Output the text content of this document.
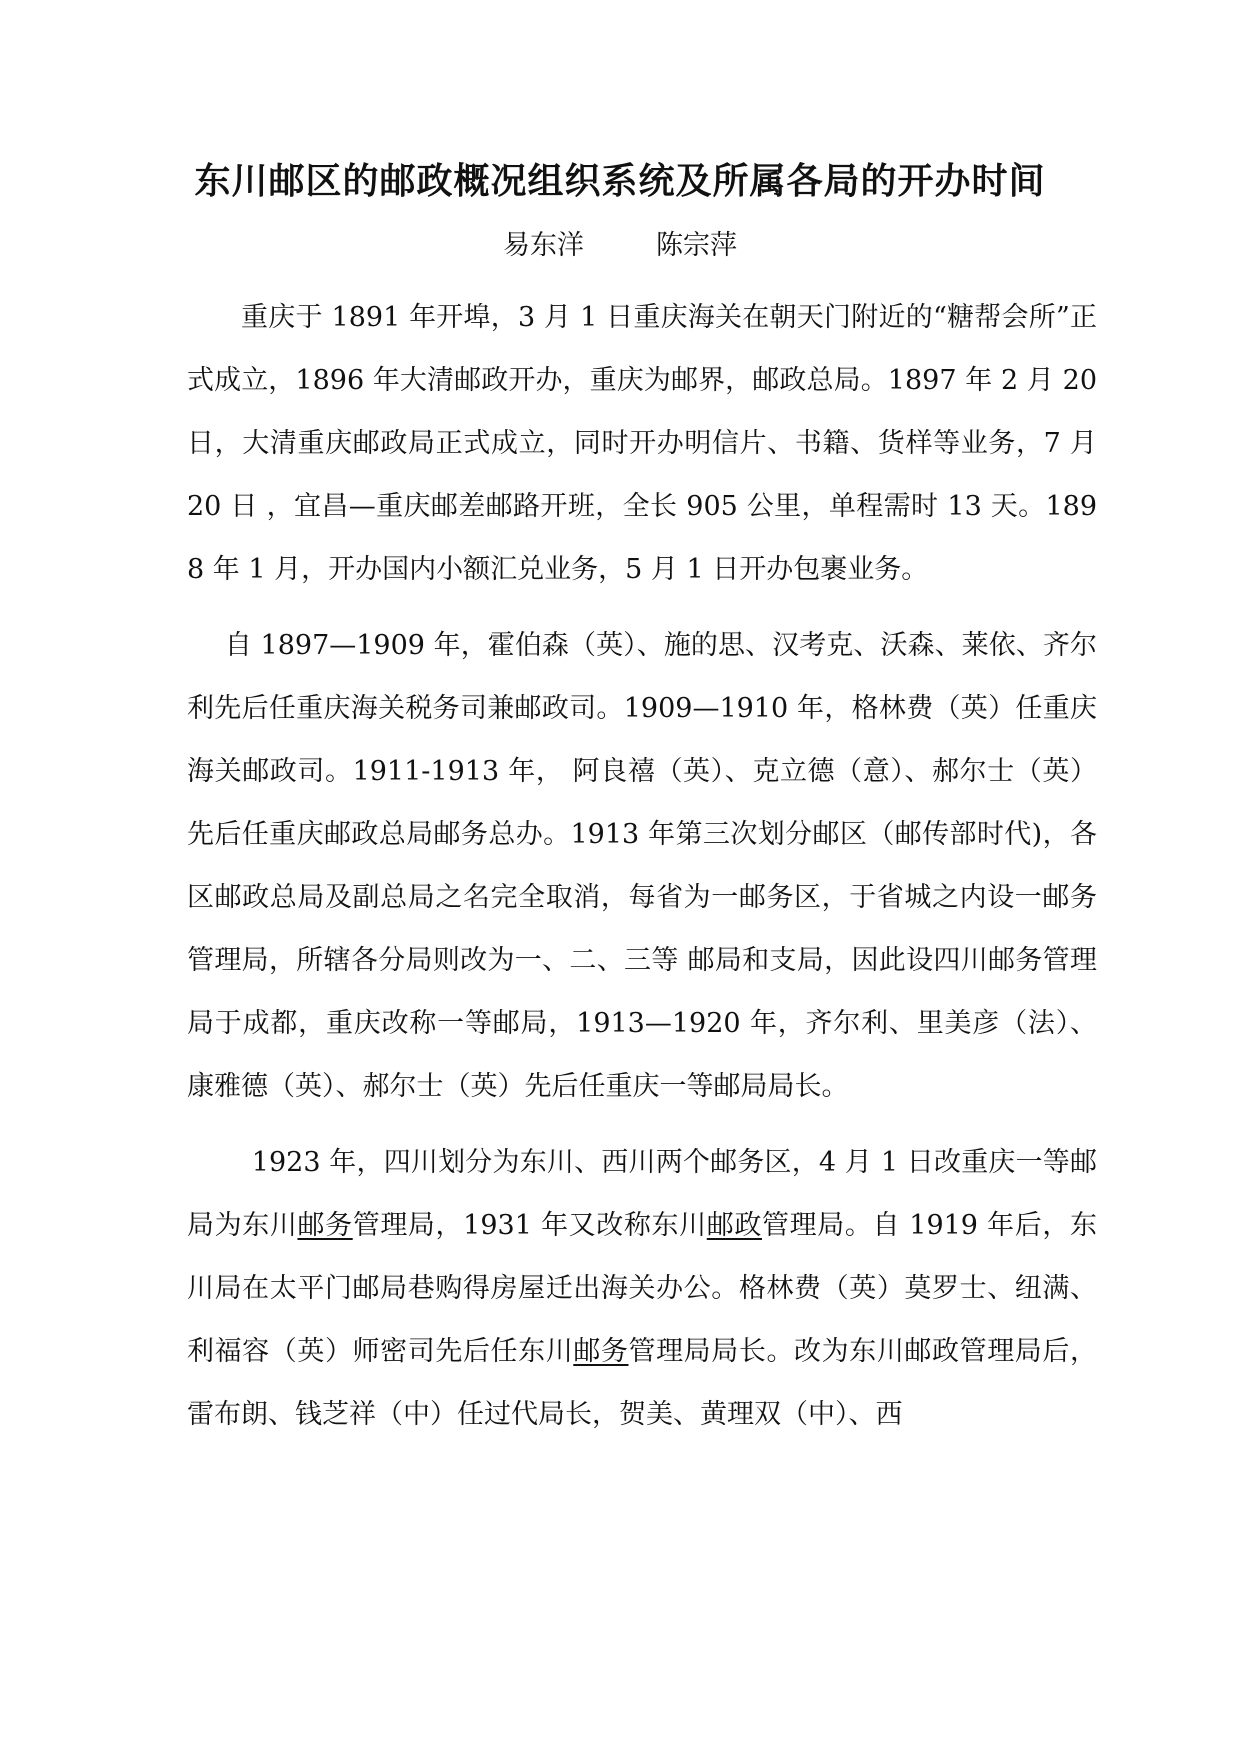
东川邮区的邮政概况组织系统及所属各局的开办时间
易东洋	陈宗萍

重庆于 1891 年开埠，3 月 1 日重庆海关在朝天门附近的“糖帮会所”正式成立，1896 年大清邮政开办，重庆为邮界，邮政总局。1897 年 2 月 20 日，大清重庆邮政局正式成立，同时开办明信片、书籍、货样等业务，7 月 20 日 ，宜昌—重庆邮差邮路开班，全长 905 公里，单程需时 13 天。1898 年 1 月，开办国内小额汇兑业务，5 月 1 日开办包裹业务。

自 1897—1909 年，霍伯森（英）、施的思、汉考克、沃森、莱依、齐尔利先后任重庆海关税务司兼邮政司。1909—1910 年，格林费（英）任重庆海关邮政司。1911-1913 年， 阿良禧（英）、克立德（意）、郝尔士（英）先后任重庆邮政总局邮务总办。1913 年第三次划分邮区（邮传部时代)，各区邮政总局及副总局之名完全取消，每省为一邮务区，于省城之内设一邮务管理局，所辖各分局则改为一、二、三等 邮局和支局，因此设四川邮务管理局于成都，重庆改称一等邮局，1913—1920 年，齐尔利、里美彦（法）、康雅德（英）、郝尔士（英）先后任重庆一等邮局局长。

1923 年，四川划分为东川、西川两个邮务区，4 月 1 日改重庆一等邮局为东川邮务管理局，1931 年又改称东川邮政管理局。自 1919 年后，东川局在太平门邮局巷购得房屋迁出海关办公。格林费（英）莫罗士、纽满、利福容（英）师密司先后任东川邮务管理局局长。改为东川邮政管理局后，雷布朗、钱芝祥（中）任过代局长，贺美、黄理双（中）、西
